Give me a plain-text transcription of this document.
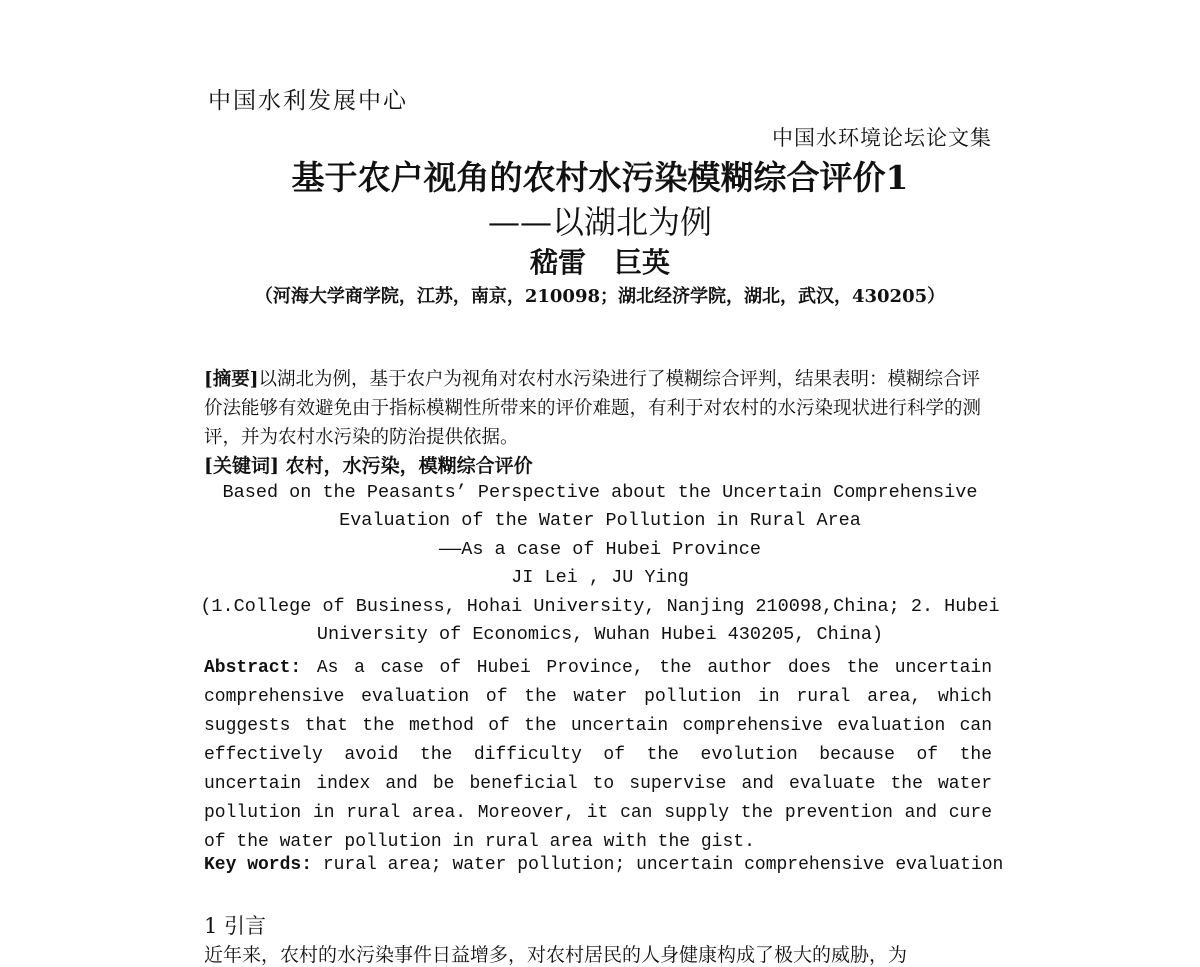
中国水利发展中心
中国水环境论坛论文集
基于农户视角的农村水污染模糊综合评价1
——以湖北为例
嵇雷　巨英
（河海大学商学院，江苏，南京，210098；湖北经济学院，湖北，武汉，430205）
[摘要]以湖北为例，基于农户为视角对农村水污染进行了模糊综合评判，结果表明：模糊综合评价法能够有效避免由于指标模糊性所带来的评价难题，有利于对农村的水污染现状进行科学的测评，并为农村水污染的防治提供依据。
[关键词] 农村，水污染，模糊综合评价
Based on the Peasants’ Perspective about the Uncertain Comprehensive
Evaluation of the Water Pollution in Rural Area
——As a case of Hubei Province
JI Lei , JU Ying
(1.College of Business, Hohai University, Nanjing 210098,China; 2. Hubei
University of Economics, Wuhan Hubei 430205, China)
Abstract: As a case of Hubei Province, the author does the uncertain comprehensive evaluation of the water pollution in rural area, which suggests that the method of the uncertain comprehensive evaluation can effectively avoid the difficulty of the evolution because of the uncertain index and be beneficial to supervise and evaluate the water pollution in rural area. Moreover, it can supply the prevention and cure of the water pollution in rural area with the gist.
Key words: rural area; water pollution; uncertain comprehensive evaluation
1 引言
近年来，农村的水污染事件日益增多，对农村居民的人身健康构成了极大的威胁，为
